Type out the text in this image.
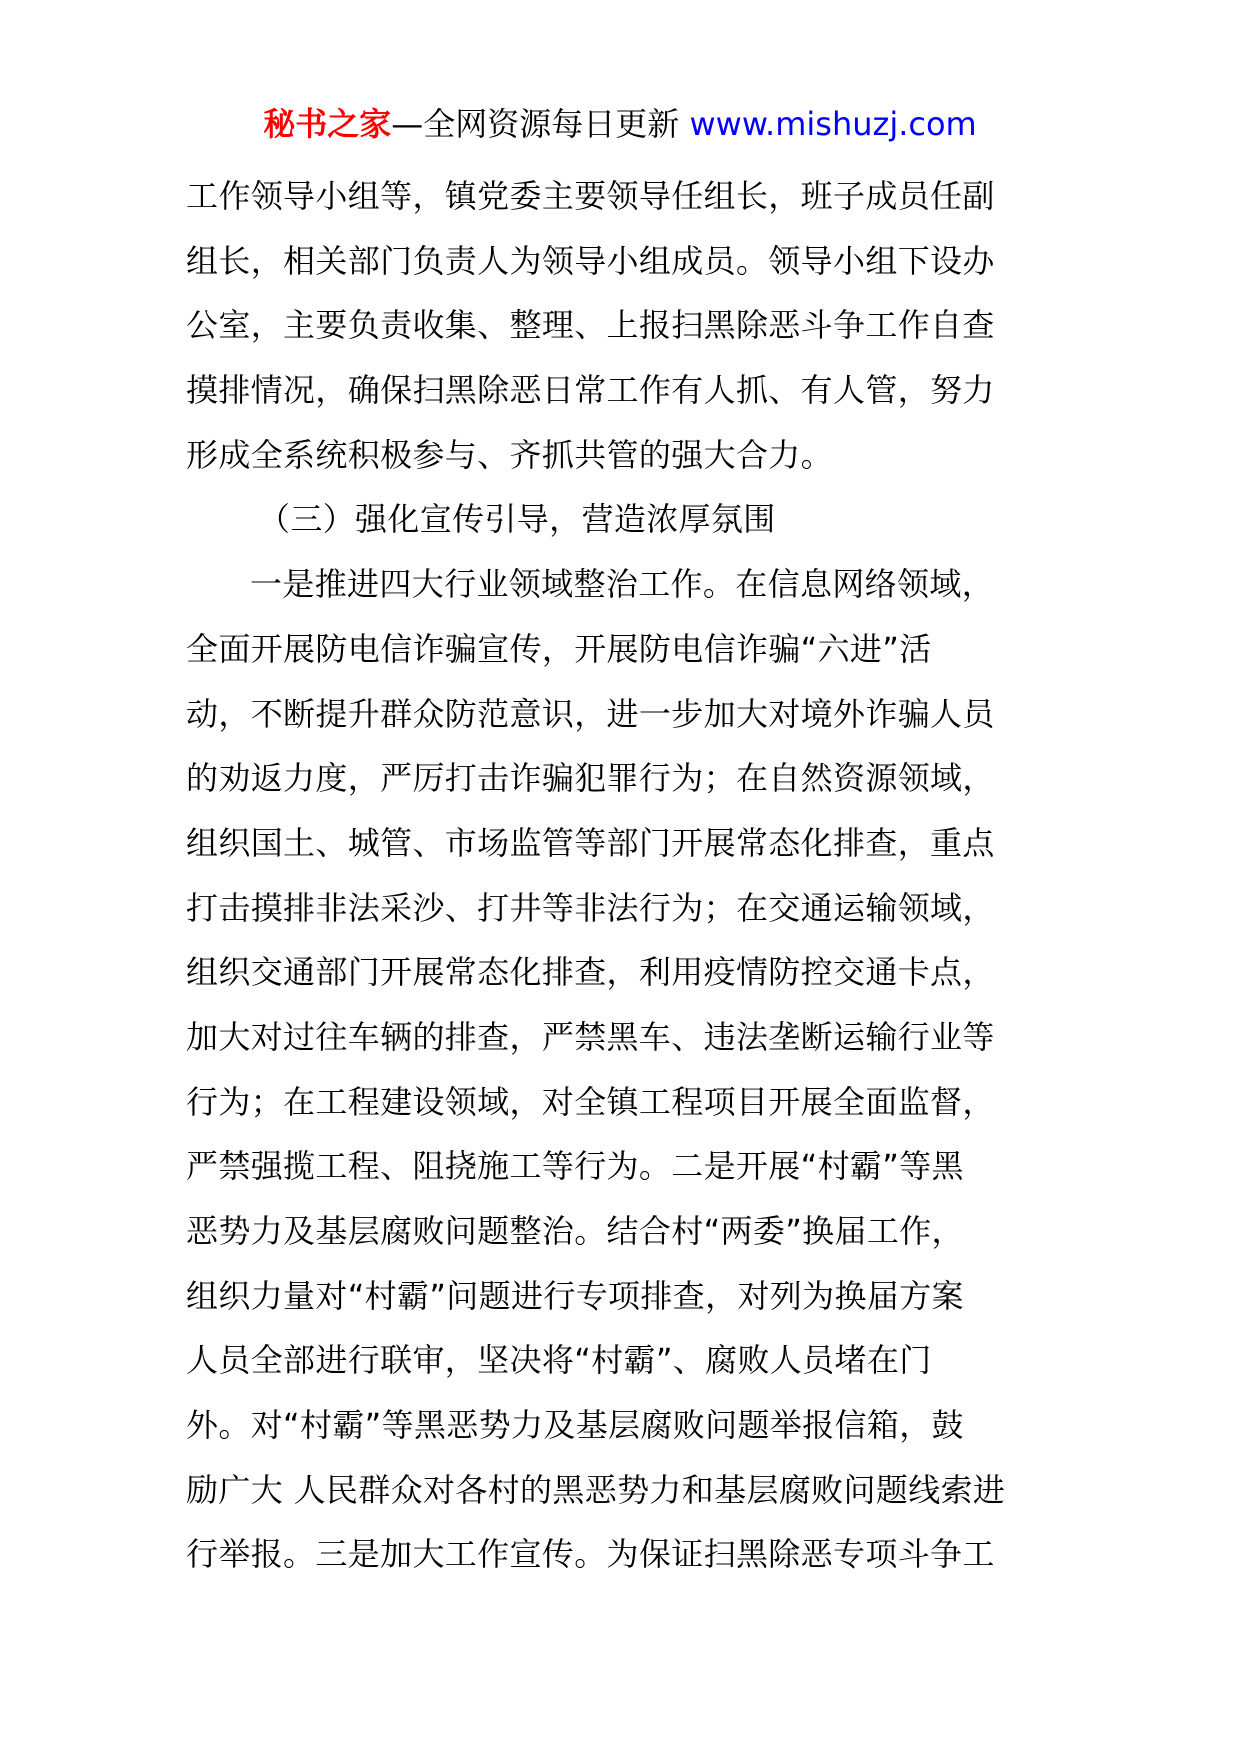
秘书之家—全网资源每日更新 www.mishuzj.com
工作领导小组等，镇党委主要领导任组长，班子成员任副
组长，相关部门负责人为领导小组成员。领导小组下设办
公室，主要负责收集、整理、上报扫黑除恶斗争工作自查
摸排情况，确保扫黑除恶日常工作有人抓、有人管，努力
形成全系统积极参与、齐抓共管的强大合力。
（三）强化宣传引导，营造浓厚氛围
一是推进四大行业领域整治工作。在信息网络领域，
全面开展防电信诈骗宣传，开展防电信诈骗“六进”活
动，不断提升群众防范意识，进一步加大对境外诈骗人员
的劝返力度，严厉打击诈骗犯罪行为；在自然资源领域，
组织国土、城管、市场监管等部门开展常态化排查，重点
打击摸排非法采沙、打井等非法行为；在交通运输领域，
组织交通部门开展常态化排查，利用疫情防控交通卡点，
加大对过往车辆的排查，严禁黑车、违法垄断运输行业等
行为；在工程建设领域，对全镇工程项目开展全面监督，
严禁强揽工程、阻挠施工等行为。二是开展“村霸”等黑
恶势力及基层腐败问题整治。结合村“两委”换届工作，
组织力量对“村霸”问题进行专项排查，对列为换届方案
人员全部进行联审，坚决将“村霸”、腐败人员堵在门
外。对“村霸”等黑恶势力及基层腐败问题举报信箱，鼓
励广大 人民群众对各村的黑恶势力和基层腐败问题线索进
行举报。三是加大工作宣传。为保证扫黑除恶专项斗争工
